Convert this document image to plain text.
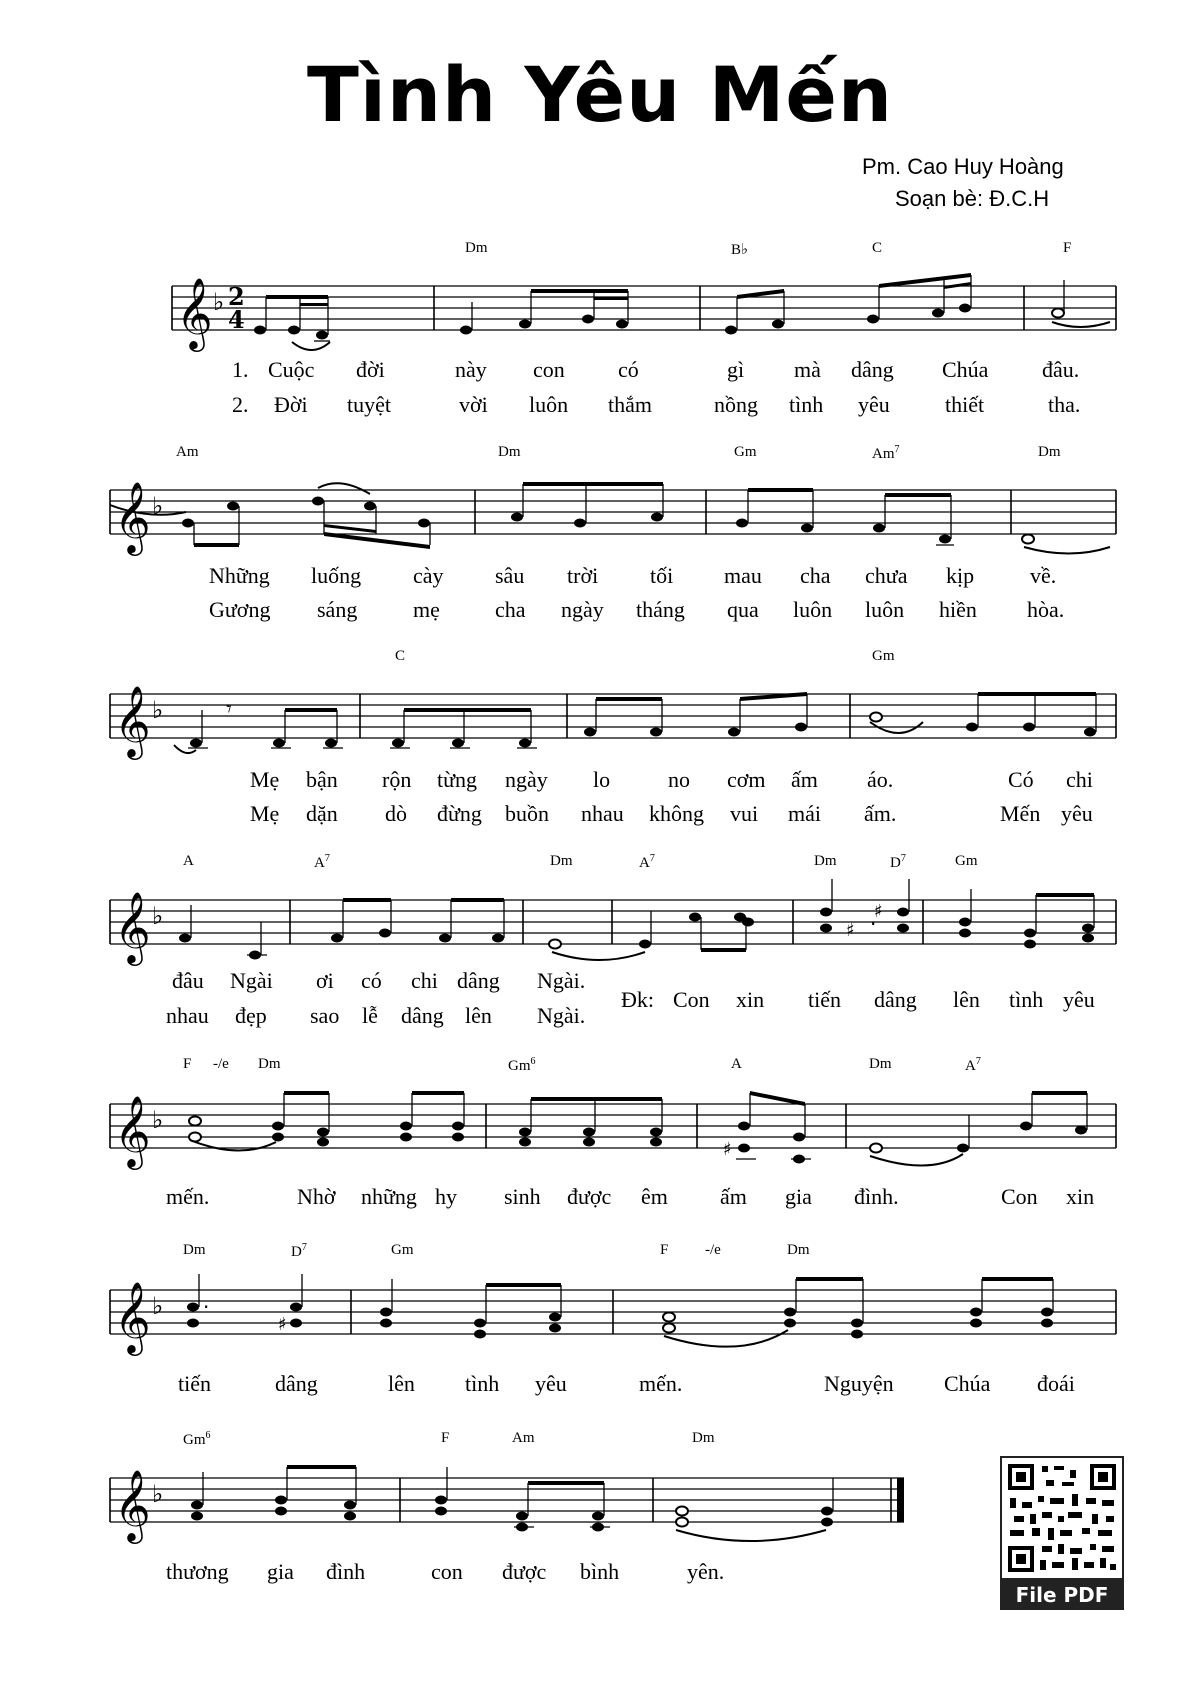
Tình Yêu Mến
Pm. Cao Huy Hoàng
Soạn bè: Đ.C.H
𝄞
𝄞
𝄞
𝄞
𝄞
𝄞
𝄞
♭
♭
♭
♭
♭
♭
♭
2
4
𝄾
.
♯
♯
.
♯
♯
Dm	B♭	C	F
Am	Dm	Gm	Am$^7$	Dm
C	Gm
A	$A^7$	Dm	$A^7$	Dm	$D^7$	Gm
F -/e Dm	Gm$^6$	A	Dm	$A^7$
Dm	$D^7$	Gm	F -/e	Dm
Gm$^6$	F	Am	Dm
1. Cuộc đời	này con có	gì mà dâng Chúa đâu.
2. Đời tuyệt	vời luôn thắm	nồng tình yêu	thiết	tha.
Những luống cày sâu trời tối mau cha chưa kịp	về.
Gương sáng	mẹ	cha ngày tháng qua luôn luôn hiền hòa.
Mẹ bận rộn từng ngày lo	no cơm ấm áo.	Có chi
Mẹ dặn dò đừng buồn nhau không vui mái ấm.	Mến yêu
đâu Ngài ơi có chi dâng Ngài.
nhau đẹp sao lễ dâng lên Ngài.
Đk: Con xin tiến dâng lên tình yêu
mến.	Nhờ những hy sinh được êm ấm gia đình.	Con xin
tiến	dâng	lên tình yêu	mến.	Nguyện Chúa đoái
thương gia đình	con được bình	yên.
File PDF
